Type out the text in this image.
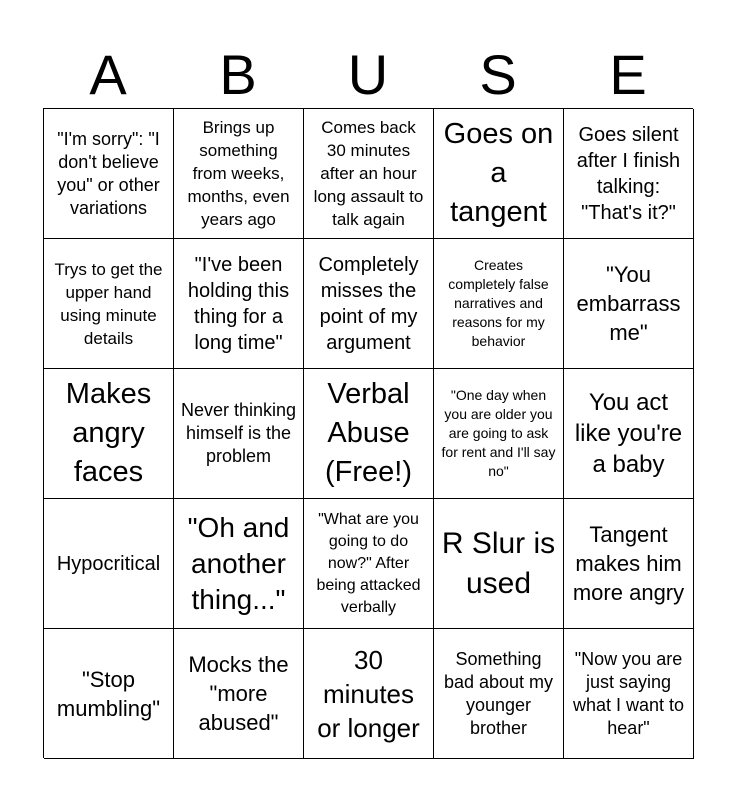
A	B	U	S	E
"I'm sorry": "I don't believe you" or other variations
Brings up something from weeks, months, even years ago
Comes back 30 minutes after an hour long assault to talk again
Goes on a tangent
Goes silent after I finish talking: "That's it?"
Trys to get the upper hand using minute details
"I've been holding this thing for a long time"
Completely misses the point of my argument
Creates completely false narratives and reasons for my behavior
"You embarrass me"
Makes angry faces
Never thinking himself is the problem
Verbal Abuse (Free!)
"One day when you are older you are going to ask for rent and I'll say no"
You act like you're a baby
Hypocritical
"Oh and another thing..."
"What are you going to do now?" After being attacked verbally
R Slur is used
Tangent makes him more angry
"Stop mumbling"
Mocks the "more abused"
30 minutes or longer
Something bad about my younger brother
"Now you are just saying what I want to hear"
